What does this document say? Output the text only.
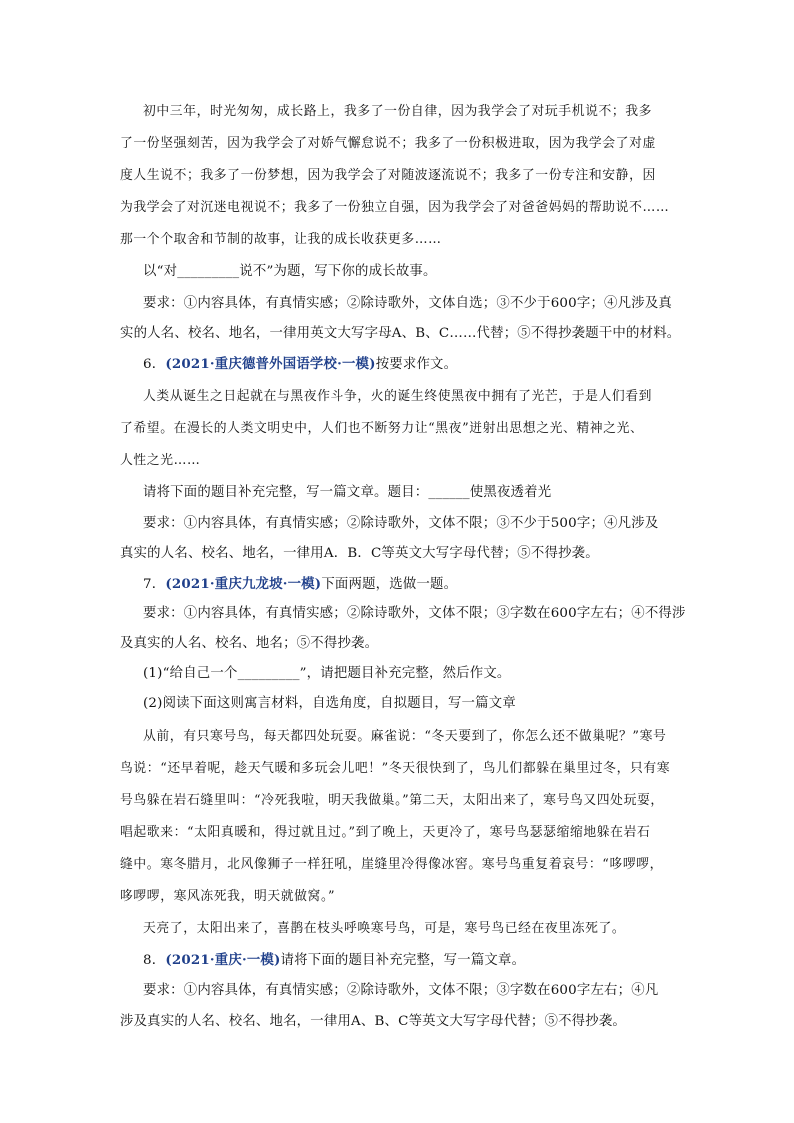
初中三年，时光匆匆，成长路上，我多了一份自律，因为我学会了对玩手机说不；我多
了一份坚强刻苦，因为我学会了对娇气懈怠说不；我多了一份积极进取，因为我学会了对虚
度人生说不；我多了一份梦想，因为我学会了对随波逐流说不；我多了一份专注和安静，因
为我学会了对沉迷电视说不；我多了一份独立自强，因为我学会了对爸爸妈妈的帮助说不……
那一个个取舍和节制的故事，让我的成长收获更多……
以“对_________说不”为题，写下你的成长故事。
要求：①内容具体，有真情实感；②除诗歌外，文体自选；③不少于600字；④凡涉及真
实的人名、校名、地名，一律用英文大写字母A、B、C……代替；⑤不得抄袭题干中的材料。
6．(2021·重庆德普外国语学校·一模)按要求作文。
人类从诞生之日起就在与黑夜作斗争，火的诞生终使黑夜中拥有了光芒，于是人们看到
了希望。在漫长的人类文明史中，人们也不断努力让“黑夜”迸射出思想之光、精神之光、
人性之光……
请将下面的题目补充完整，写一篇文章。题目：______使黑夜透着光
要求：①内容具体，有真情实感；②除诗歌外，文体不限；③不少于500字；④凡涉及
真实的人名、校名、地名，一律用A．B．C等英文大写字母代替；⑤不得抄袭。
7．(2021·重庆九龙坡·一模)下面两题，选做一题。
要求：①内容具体，有真情实感；②除诗歌外，文体不限；③字数在600字左右；④不得涉
及真实的人名、校名、地名；⑤不得抄袭。
(1)“给自己一个_________”，请把题目补充完整，然后作文。
(2)阅读下面这则寓言材料，自选角度，自拟题目，写一篇文章
从前，有只寒号鸟，每天都四处玩耍。麻雀说：“冬天要到了，你怎么还不做巢呢？”寒号
鸟说：“还早着呢，趁天气暖和多玩会儿吧！”冬天很快到了，鸟儿们都躲在巢里过冬，只有寒
号鸟躲在岩石缝里叫：“冷死我啦，明天我做巢。”第二天，太阳出来了，寒号鸟又四处玩耍，
唱起歌来：“太阳真暖和，得过就且过。”到了晚上，天更冷了，寒号鸟瑟瑟缩缩地躲在岩石
缝中。寒冬腊月，北风像狮子一样狂吼，崖缝里冷得像冰窖。寒号鸟重复着哀号：“哆啰啰，
哆啰啰，寒风冻死我，明天就做窝。”
天亮了，太阳出来了，喜鹊在枝头呼唤寒号鸟，可是，寒号鸟已经在夜里冻死了。
8．(2021·重庆·一模)请将下面的题目补充完整，写一篇文章。
要求：①内容具体，有真情实感；②除诗歌外，文体不限；③字数在600字左右；④凡
涉及真实的人名、校名、地名，一律用A、B、C等英文大写字母代替；⑤不得抄袭。
